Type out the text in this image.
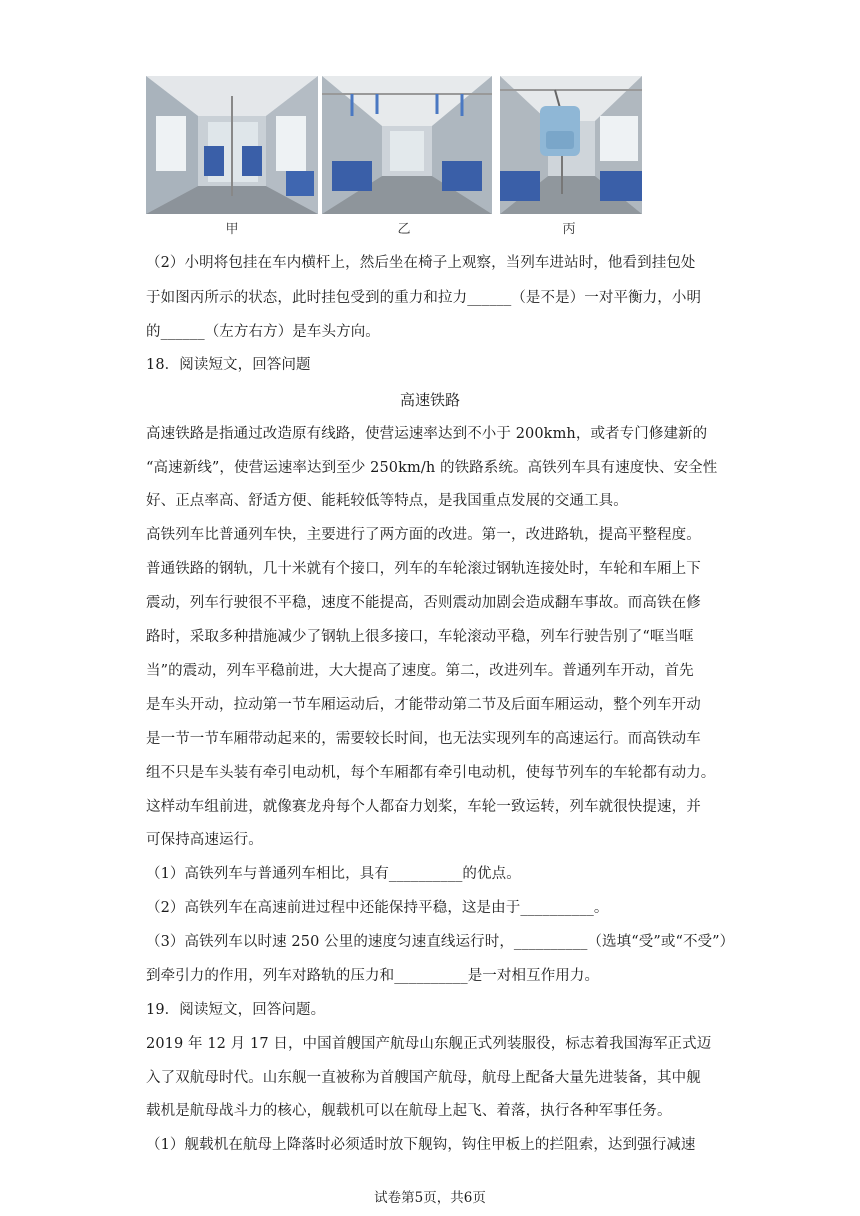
甲	乙	丙
（2）小明将包挂在车内横杆上，然后坐在椅子上观察，当列车进站时，他看到挂包处
于如图丙所示的状态，此时挂包受到的重力和拉力______（是不是）一对平衡力，小明
的______（左方右方）是车头方向。
18．阅读短文，回答问题
高速铁路
高速铁路是指通过改造原有线路，使营运速率达到不小于 200kmh，或者专门修建新的
“高速新线”，使营运速率达到至少 250km/h 的铁路系统。高铁列车具有速度快、安全性
好、正点率高、舒适方便、能耗较低等特点，是我国重点发展的交通工具。
高铁列车比普通列车快，主要进行了两方面的改进。第一，改进路轨，提高平整程度。
普通铁路的钢轨，几十米就有个接口，列车的车轮滚过钢轨连接处时，车轮和车厢上下
震动，列车行驶很不平稳，速度不能提高，否则震动加剧会造成翻车事故。而高铁在修
路时，采取多种措施减少了钢轨上很多接口，车轮滚动平稳，列车行驶告别了“哐当哐
当”的震动，列车平稳前进，大大提高了速度。第二，改进列车。普通列车开动，首先
是车头开动，拉动第一节车厢运动后，才能带动第二节及后面车厢运动，整个列车开动
是一节一节车厢带动起来的，需要较长时间，也无法实现列车的高速运行。而高铁动车
组不只是车头装有牵引电动机，每个车厢都有牵引电动机，使每节列车的车轮都有动力。
这样动车组前进，就像赛龙舟每个人都奋力划桨，车轮一致运转，列车就很快提速，并
可保持高速运行。
（1）高铁列车与普通列车相比，具有__________的优点。
（2）高铁列车在高速前进过程中还能保持平稳，这是由于__________。
（3）高铁列车以时速 250 公里的速度匀速直线运行时，__________（选填“受”或“不受”）
到牵引力的作用，列车对路轨的压力和__________是一对相互作用力。
19．阅读短文，回答问题。
2019 年 12 月 17 日，中国首艘国产航母山东舰正式列装服役，标志着我国海军正式迈
入了双航母时代。山东舰一直被称为首艘国产航母，航母上配备大量先进装备，其中舰
载机是航母战斗力的核心，舰载机可以在航母上起飞、着落，执行各种军事任务。
（1）舰载机在航母上降落时必须适时放下舰钩，钩住甲板上的拦阻索，达到强行减速
试卷第5页，共6页
